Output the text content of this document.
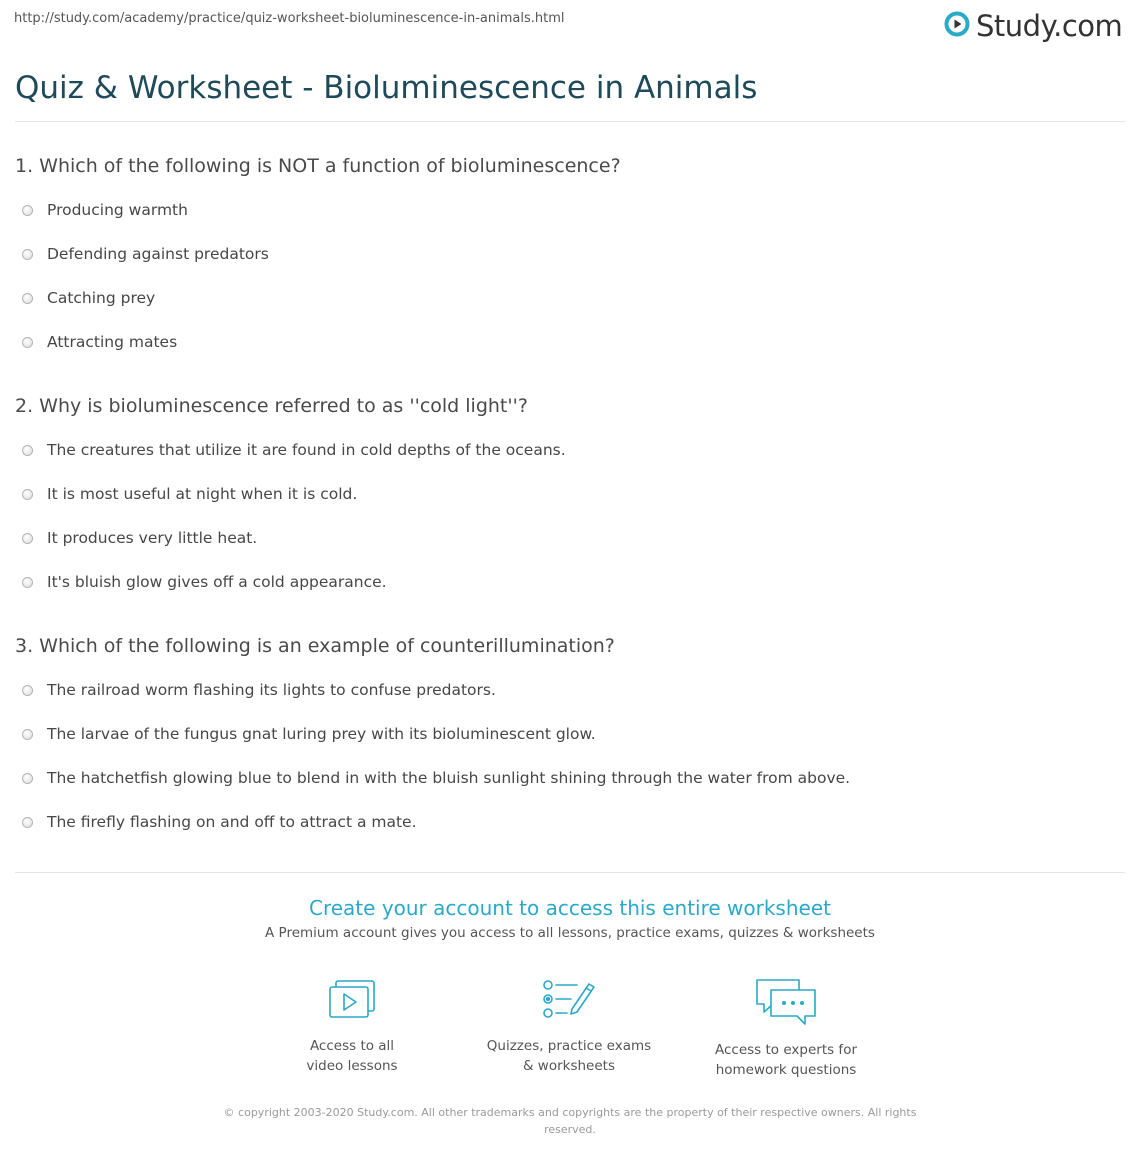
http://study.com/academy/practice/quiz-worksheet-bioluminescence-in-animals.html	Study.com
Quiz & Worksheet - Bioluminescence in Animals
1. Which of the following is NOT a function of bioluminescence?
Producing warmth
Defending against predators
Catching prey
Attracting mates
2. Why is bioluminescence referred to as ''cold light''?
The creatures that utilize it are found in cold depths of the oceans.
It is most useful at night when it is cold.
It produces very little heat.
It's bluish glow gives off a cold appearance.
3. Which of the following is an example of counterillumination?
The railroad worm flashing its lights to confuse predators.
The larvae of the fungus gnat luring prey with its bioluminescent glow.
The hatchetfish glowing blue to blend in with the bluish sunlight shining through the water from above.
The firefly flashing on and off to attract a mate.
Create your account to access this entire worksheet
A Premium account gives you access to all lessons, practice exams, quizzes & worksheets
Access to all
video lessons
Quizzes, practice exams
& worksheets
Access to experts for
homework questions
© copyright 2003-2020 Study.com. All other trademarks and copyrights are the property of their respective owners. All rights
reserved.
